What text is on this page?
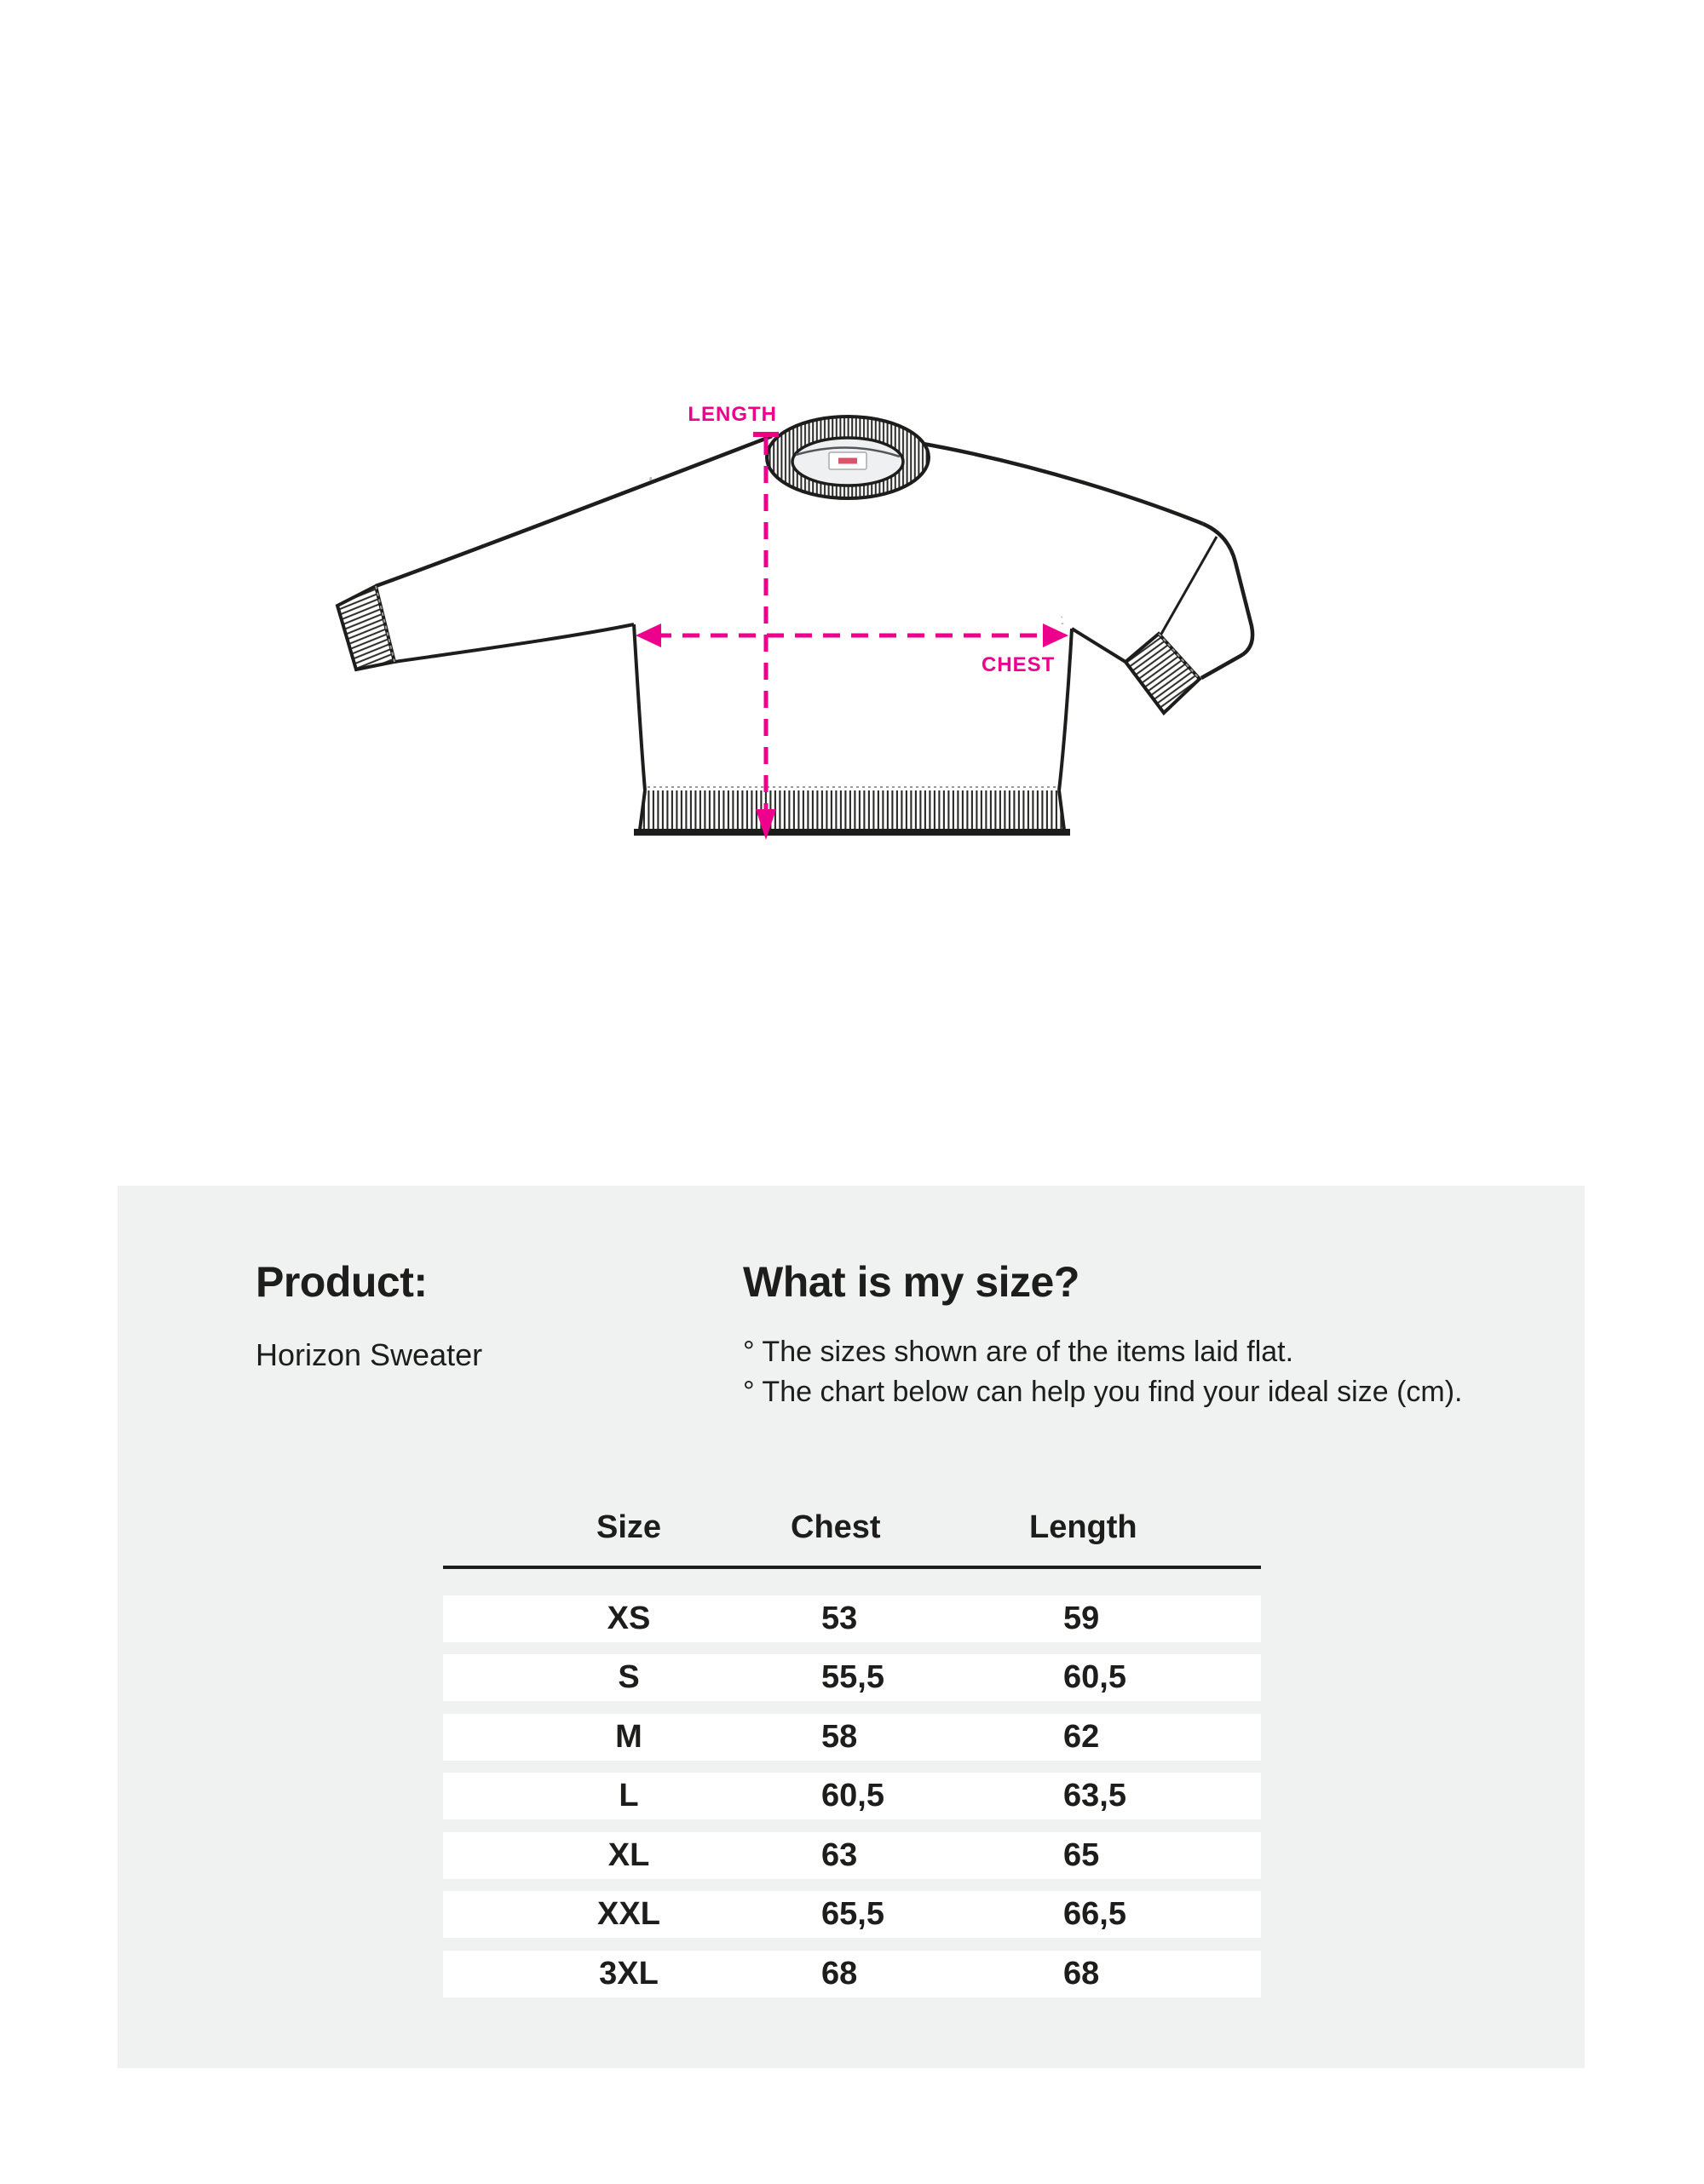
LENGTH
CHEST
Product:
Horizon Sweater
What is my size?
° The sizes shown are of the items laid flat.
° The chart below can help you find your ideal size (cm).
Size	Chest	Length
XS	53	59
S	55,5	60,5
M	58	62
L	60,5	63,5
XL	63	65
XXL	65,5	66,5
3XL	68	68
